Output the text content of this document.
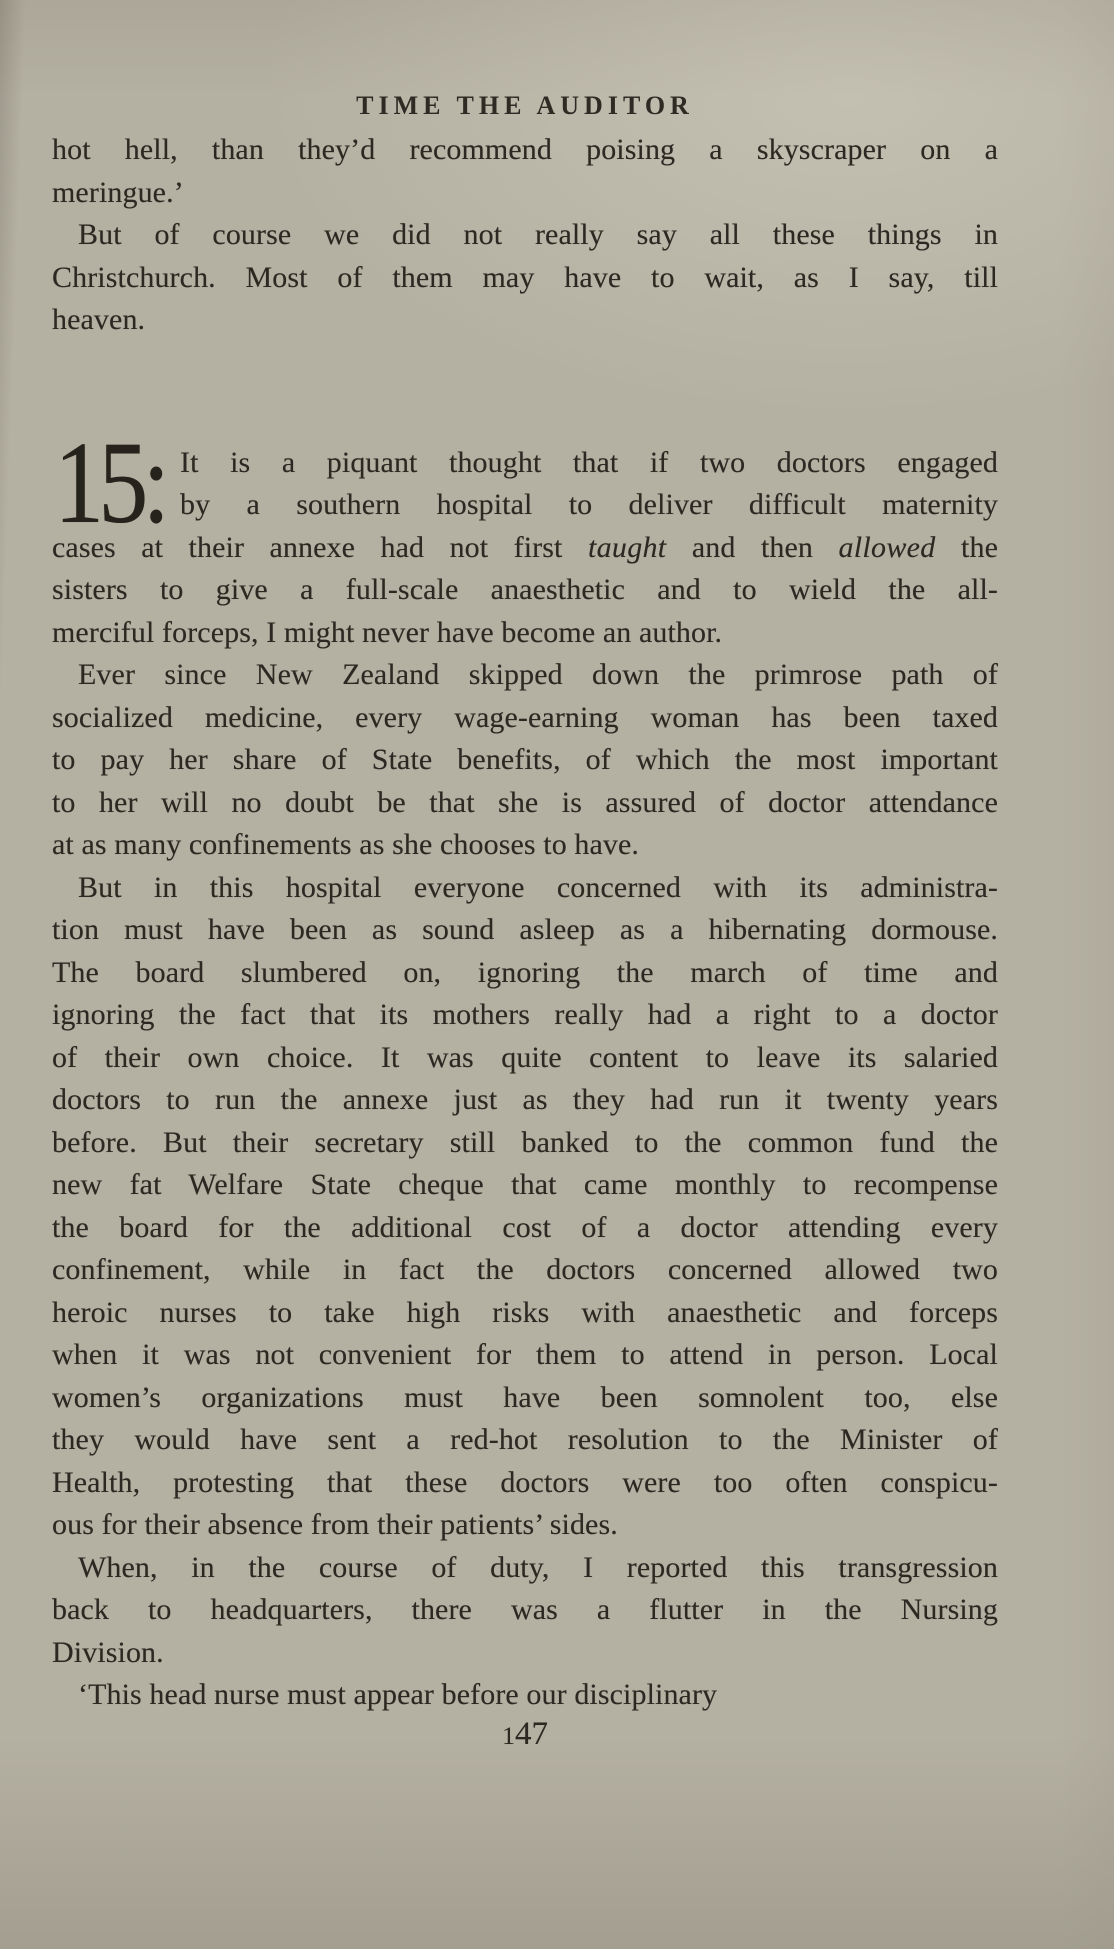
TIME THE AUDITOR
hot hell, than they’d recommend poising a skyscraper on a
meringue.’
But of course we did not really say all these things in
Christchurch. Most of them may have to wait, as I say, till
heaven.
15: It is a piquant thought that if two doctors engaged
by a southern hospital to deliver difficult maternity
cases at their annexe had not first taught and then allowed the
sisters to give a full-scale anaesthetic and to wield the all-
merciful forceps, I might never have become an author.
Ever since New Zealand skipped down the primrose path of
socialized medicine, every wage-earning woman has been taxed
to pay her share of State benefits, of which the most important
to her will no doubt be that she is assured of doctor attendance
at as many confinements as she chooses to have.
But in this hospital everyone concerned with its administra-
tion must have been as sound asleep as a hibernating dormouse.
The board slumbered on, ignoring the march of time and
ignoring the fact that its mothers really had a right to a doctor
of their own choice. It was quite content to leave its salaried
doctors to run the annexe just as they had run it twenty years
before. But their secretary still banked to the common fund the
new fat Welfare State cheque that came monthly to recompense
the board for the additional cost of a doctor attending every
confinement, while in fact the doctors concerned allowed two
heroic nurses to take high risks with anaesthetic and forceps
when it was not convenient for them to attend in person. Local
women’s organizations must have been somnolent too, else
they would have sent a red-hot resolution to the Minister of
Health, protesting that these doctors were too often conspicu-
ous for their absence from their patients’ sides.
When, in the course of duty, I reported this transgression
back to headquarters, there was a flutter in the Nursing
Division.
‘This head nurse must appear before our disciplinary
147
